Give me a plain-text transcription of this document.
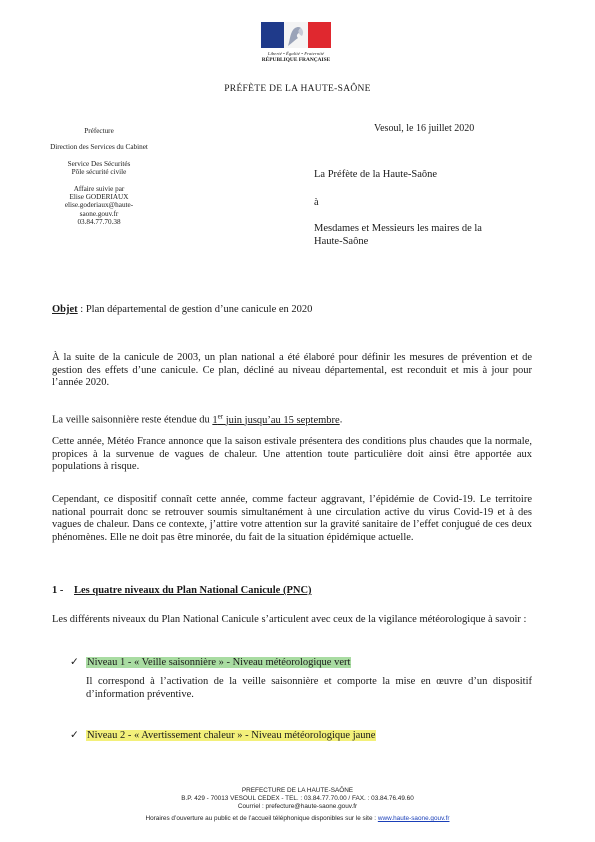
Liberté • Égalité • Fraternité
RÉPUBLIQUE FRANÇAISE
PRÉFÈTE DE LA HAUTE-SAÔNE

Préfecture

Direction des Services du Cabinet

Service Des Sécurités
Pôle sécurité civile

Affaire suivie par
Elise GODERIAUX
elise.goderiaux@haute-
saone.gouv.fr
03.84.77.70.38

Vesoul, le 16 juillet 2020
La Préfète de la Haute-Saône
à
Mesdames et Messieurs les maires de la
Haute-Saône
Objet : Plan départemental de gestion d’une canicule en 2020

À la suite de la canicule de 2003, un plan national a été élaboré pour définir les mesures de prévention et de gestion des effets d’une canicule. Ce plan, décliné au niveau départemental, est reconduit et mis à jour pour l’année 2020.

La veille saisonnière reste étendue du 1er juin jusqu’au 15 septembre.

Cette année, Météo France annonce que la saison estivale présentera des conditions plus chaudes que la normale, propices à la survenue de vagues de chaleur. Une attention toute particulière doit ainsi être apportée aux populations à risque.

Cependant, ce dispositif connaît cette année, comme facteur aggravant, l’épidémie de Covid-19. Le territoire national pourrait donc se retrouver soumis simultanément à une circulation active du virus Covid-19 et à des vagues de chaleur. Dans ce contexte, j’attire votre attention sur la gravité sanitaire de l’effet conjugué de ces deux phénomènes. Elle ne doit pas être minorée, du fait de la situation épidémique actuelle.

1 - Les quatre niveaux du Plan National Canicule (PNC)

Les différents niveaux du Plan National Canicule s’articulent avec ceux de la vigilance météorologique à savoir :

✓ Niveau 1 - « Veille saisonnière » - Niveau météorologique vert

Il correspond à l’activation de la veille saisonnière et comporte la mise en œuvre d’un dispositif d’information préventive.

✓ Niveau 2 - « Avertissement chaleur » - Niveau météorologique jaune
PREFECTURE DE LA HAUTE-SAÔNE
B.P. 429 - 70013 VESOUL CEDEX - TEL. : 03.84.77.70.00 / FAX. : 03.84.76.49.60
Courriel : prefecture@haute-saone.gouv.fr
Horaires d’ouverture au public et de l’accueil téléphonique disponibles sur le site : www.haute-saone.gouv.fr
